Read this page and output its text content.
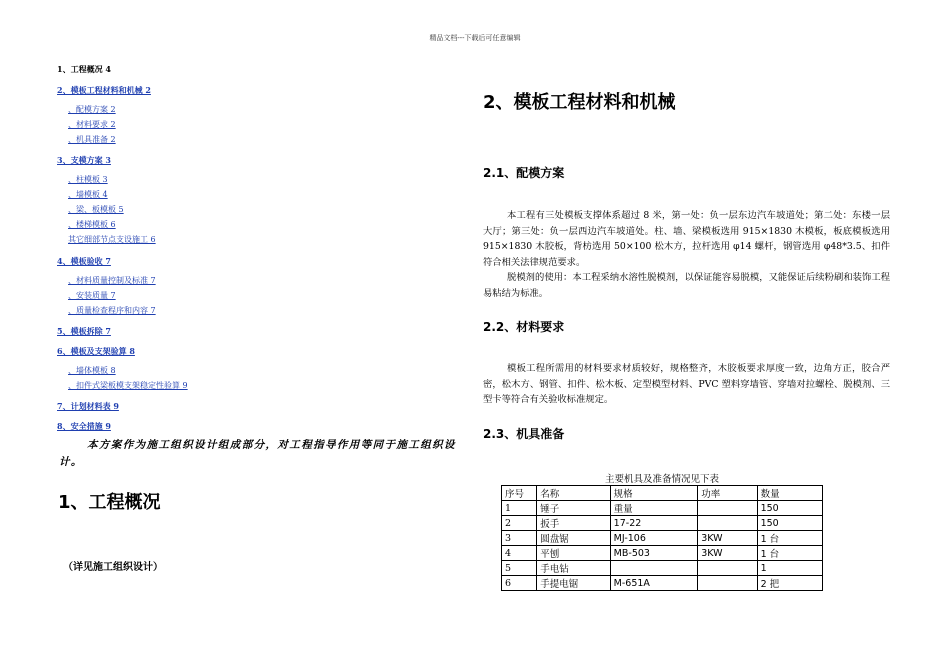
精品文档---下载后可任意编辑
1、工程概况 4
2、模板工程材料和机械 2
、配模方案 2
、材料要求 2
、机具准备 2
3、支模方案 3
、柱模板 3
、墙模板 4
、梁、板模板 5
、楼梯模板 6
其它细部节点支设施工 6
4、模板验收 7
、材料质量控制及标准 7
、安装质量 7
、质量检查程序和内容 7
5、模板拆除 7
6、模板及支架验算 8
、墙体模板 8
、扣件式梁板模支架稳定性验算 9
7、计划材料表 9
8、安全措施 9
本方案作为施工组织设计组成部分，对工程指导作用等同于施工组织设计。
1、工程概况
（详见施工组织设计）
2、模板工程材料和机械
2.1、配模方案
本工程有三处模板支撑体系超过 8 米，第一处：负一层东边汽车坡道处；第二处：东楼一层大厅；第三处：负一层西边汽车坡道处。柱、墙、梁模板选用 915×1830 木模板，板底模板选用 915×1830 木胶板，背枋选用 50×100 松木方，拉杆选用 φ14 螺杆，钢管选用 φ48*3.5、扣件符合相关法律规范要求。
脱模剂的使用：本工程采纳水溶性脱模剂，以保证能容易脱模，又能保证后续粉刷和装饰工程易粘结为标准。
2.2、材料要求
模板工程所需用的材料要求材质较好，规格整齐，木胶板要求厚度一致，边角方正，胶合严密，松木方、钢管、扣件、松木板、定型模型材料、PVC 塑料穿墙管、穿墙对拉螺栓、脱模剂、三型卡等符合有关验收标准规定。
2.3、机具准备
主要机具及准备情况见下表
序号	名称	规格	功率	数量
1	锤子	重量		150
2	扳手	17-22		150
3	圆盘锯	MJ-106	3KW	1 台
4	平刨	MB-503	3KW	1 台
5	手电钻			1
6	手提电锯	M-651A		2 把
